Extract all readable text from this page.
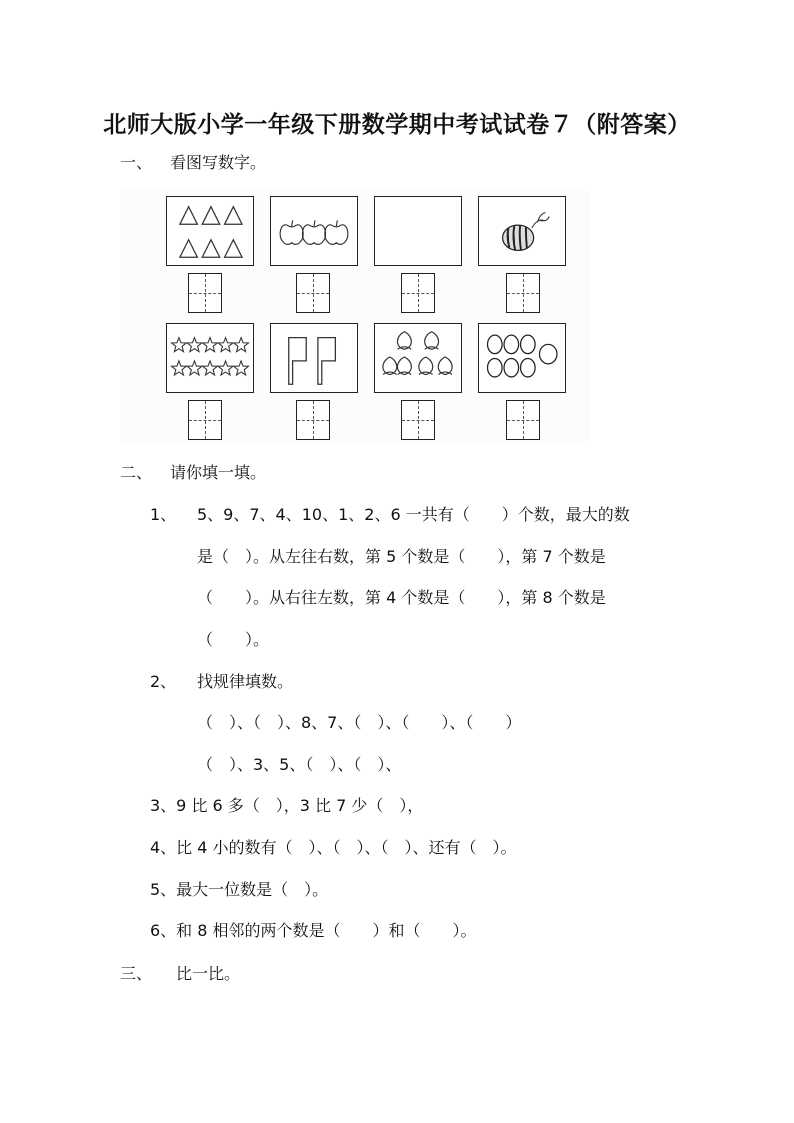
北师大版小学一年级下册数学期中考试试卷７（附答案）
一、 看图写数字。
二、 请你填一填。
1、 5、9、7、4、10、1、2、6 一共有（　　）个数，最大的数
是（　）。从左往右数，第 5 个数是（　　），第 7 个数是
（　　）。从右往左数，第 4 个数是（　　），第 8 个数是
（　　）。
2、 找规律填数。
（　）、（　）、8、7、（　）、（　　）、（　　）
（　）、3、5、（　）、（　）、
3、9 比 6 多（　），3 比 7 少（　），
4、比 4 小的数有（　）、（　）、（　）、还有（　）。
5、最大一位数是（　）。
6、和 8 相邻的两个数是（　　）和（　　）。
三、 比一比。
